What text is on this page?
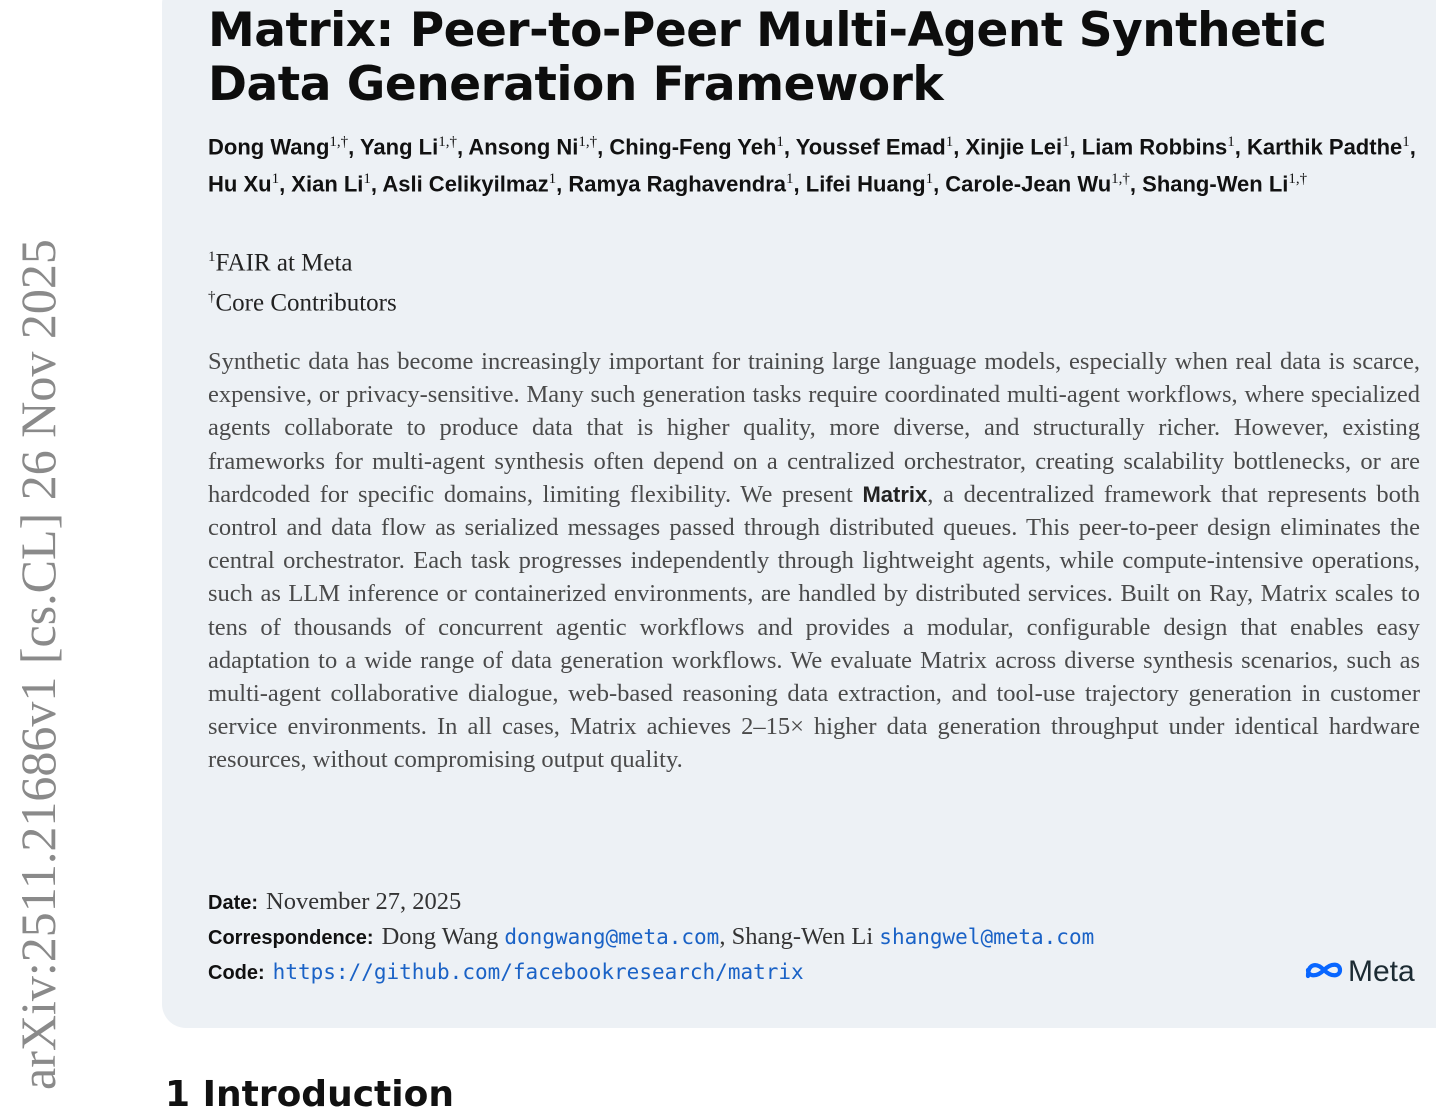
arXiv:2511.21686v1 [cs.CL] 26 Nov 2025
Matrix: Peer-to-Peer Multi-Agent Synthetic Data Generation Framework
Dong Wang$^{1,\dagger}$, Yang $Li^{1,\dagger}$, Ansong $Ni^{1,\dagger}$, Ching-Feng Yeh$^1$, Youssef Emad$^1$, Xinjie Lei$^1$, Liam Robbins$^1$, Karthik Padthe$^1$, Hu Xu$^1$, Xian Li$^1$, Asli Celikyilmaz$^1$, Ramya Raghavendra$^1$, Lifei Huang$^1$, Carole-Jean $Wu^{1,\dagger}$, Shang-Wen $Li^{1,\dagger}$
$^1$FAIR at Meta
†Core Contributors

Synthetic data has become increasingly important for training large language models, especially when real data is scarce, expensive, or privacy-sensitive. Many such generation tasks require coordinated multi-agent workflows, where specialized agents collaborate to produce data that is higher quality, more diverse, and structurally richer. However, existing frameworks for multi-agent synthesis often depend on a centralized orchestrator, creating scalability bottlenecks, or are hardcoded for specific domains, limiting flexibility. We present Matrix, a decentralized framework that represents both control and data flow as serialized messages passed through distributed queues. This peer-to-peer design eliminates the central orchestrator. Each task progresses independently through lightweight agents, while compute-intensive operations, such as LLM inference or containerized environments, are handled by distributed services. Built on Ray, Matrix scales to tens of thousands of concurrent agentic workflows and provides a modular, configurable design that enables easy adaptation to a wide range of data generation workflows. We evaluate Matrix across diverse synthesis scenarios, such as multi-agent collaborative dialogue, web-based reasoning data extraction, and tool-use trajectory generation in customer service environments. In all cases, Matrix achieves 2–15× higher data generation throughput under identical hardware resources, without compromising output quality.

Date: November 27, 2025
Correspondence: Dong Wang dongwang@meta.com, Shang-Wen Li shangwel@meta.com
Code: https://github.com/facebookresearch/matrix	Meta
1 Introduction
